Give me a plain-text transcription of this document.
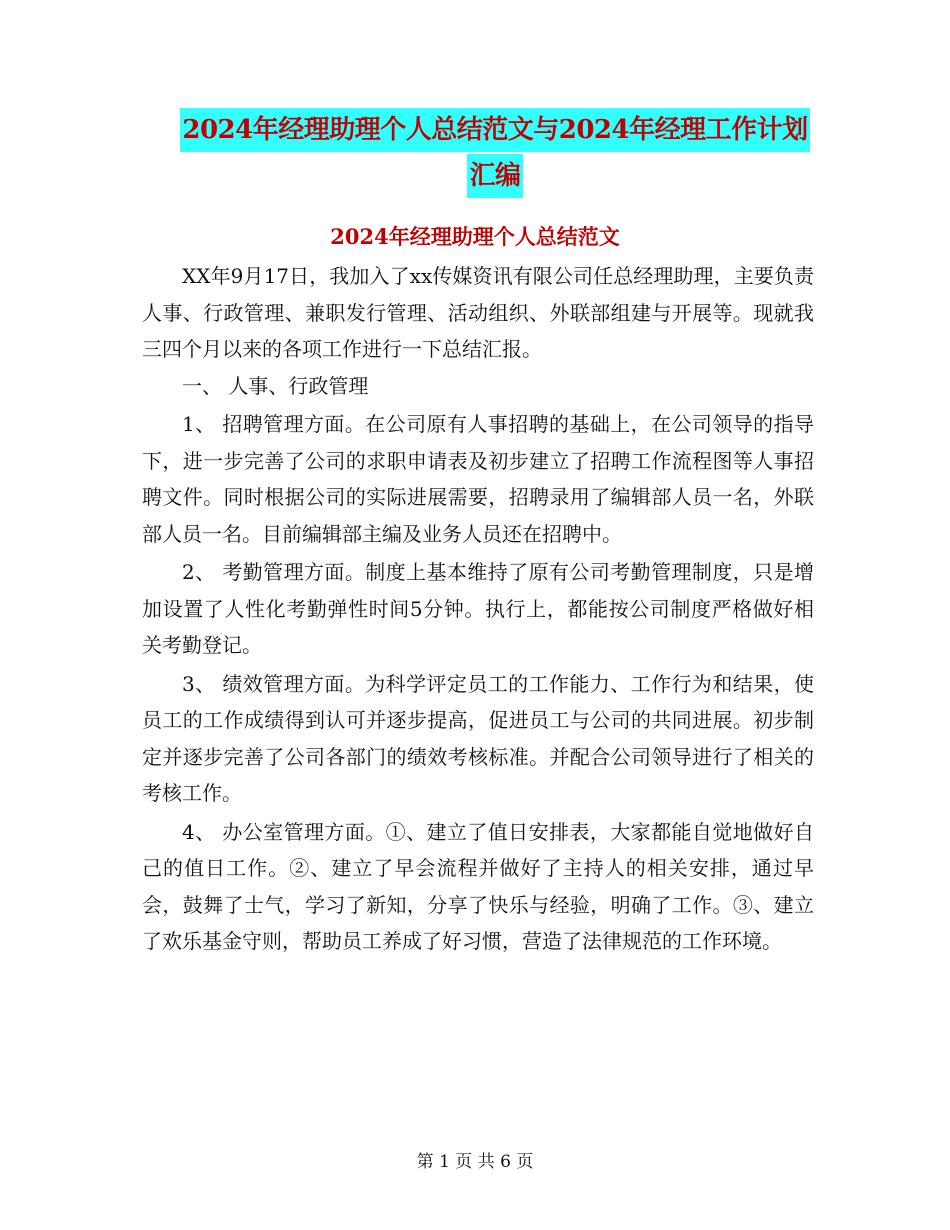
2024年经理助理个人总结范文与2024年经理工作计划
汇编
2024年经理助理个人总结范文

XX年9月17日，我加入了xx传媒资讯有限公司任总经理助理，主要负责人事、行政管理、兼职发行管理、活动组织、外联部组建与开展等。现就我三四个月以来的各项工作进行一下总结汇报。

一、 人事、行政管理

1、 招聘管理方面。在公司原有人事招聘的基础上，在公司领导的指导下，进一步完善了公司的求职申请表及初步建立了招聘工作流程图等人事招聘文件。同时根据公司的实际进展需要，招聘录用了编辑部人员一名，外联部人员一名。目前编辑部主编及业务人员还在招聘中。

2、 考勤管理方面。制度上基本维持了原有公司考勤管理制度，只是增加设置了人性化考勤弹性时间5分钟。执行上，都能按公司制度严格做好相关考勤登记。

3、 绩效管理方面。为科学评定员工的工作能力、工作行为和结果，使员工的工作成绩得到认可并逐步提高，促进员工与公司的共同进展。初步制定并逐步完善了公司各部门的绩效考核标准。并配合公司领导进行了相关的考核工作。

4、 办公室管理方面。①、建立了值日安排表，大家都能自觉地做好自己的值日工作。②、建立了早会流程并做好了主持人的相关安排，通过早会，鼓舞了士气，学习了新知，分享了快乐与经验，明确了工作。③、建立了欢乐基金守则，帮助员工养成了好习惯，营造了法律规范的工作环境。

第 1 页 共 6 页
